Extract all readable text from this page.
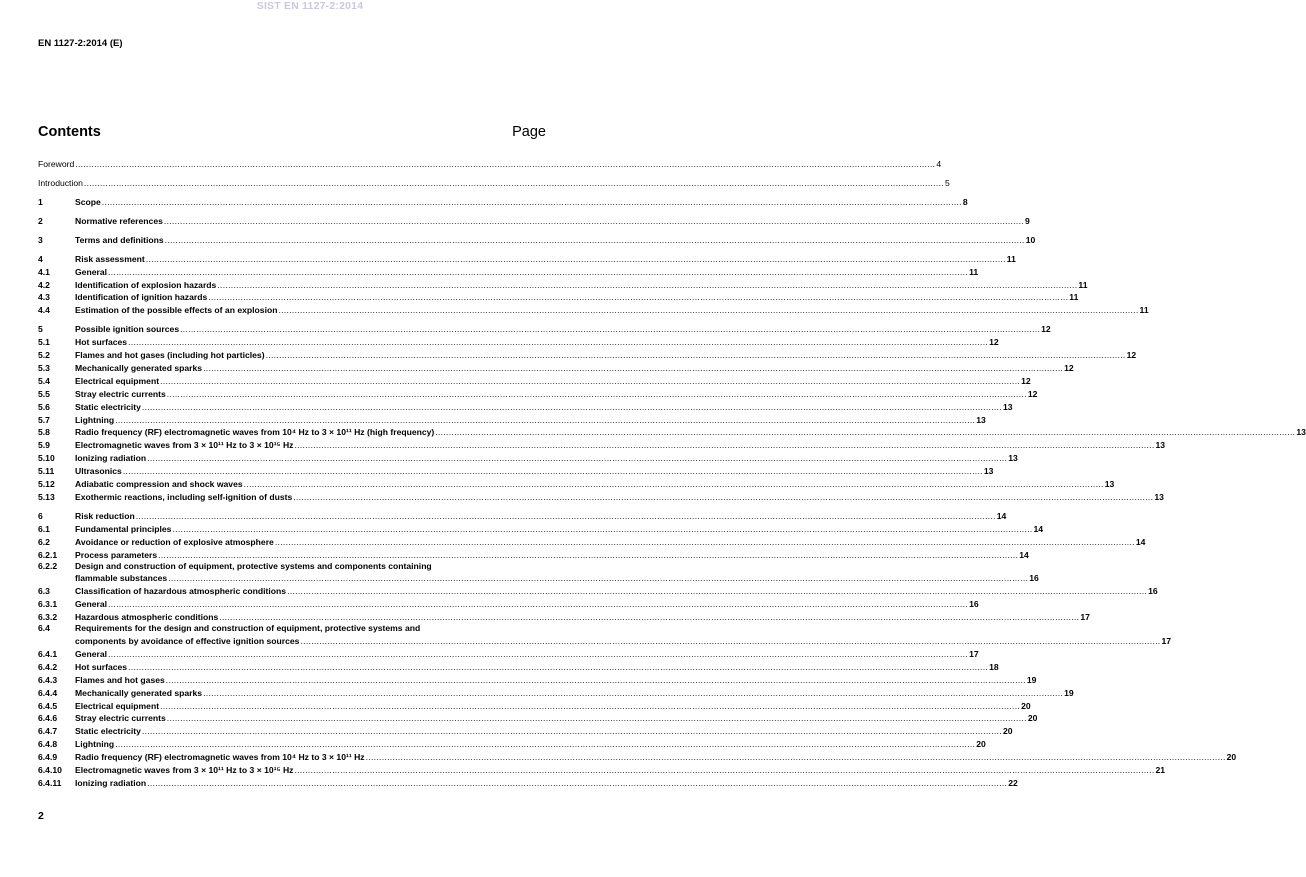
SIST EN 1127-2:2014
EN 1127-2:2014 (E)
Contents	Page
Foreword .....	4
Introduction .....	5
1	Scope .....	8
2	Normative references .....	9
3	Terms and definitions .....	10
4	Risk assessment .....	11
4.1	General .....	11
4.2	Identification of explosion hazards .....	11
4.3	Identification of ignition hazards .....	11
4.4	Estimation of the possible effects of an explosion .....	11
5	Possible ignition sources .....	12
5.1	Hot surfaces .....	12
5.2	Flames and hot gases (including hot particles) .....	12
5.3	Mechanically generated sparks .....	12
5.4	Electrical equipment .....	12
5.5	Stray electric currents .....	12
5.6	Static electricity .....	13
5.7	Lightning .....	13
5.8	Radio frequency (RF) electromagnetic waves from 10⁴ Hz to 3 × 10¹¹ Hz (high frequency) .....	13
5.9	Electromagnetic waves from 3 × 10¹¹ Hz to 3 × 10¹⁵ Hz .....	13
5.10	Ionizing radiation .....	13
5.11	Ultrasonics .....	13
5.12	Adiabatic compression and shock waves .....	13
5.13	Exothermic reactions, including self-ignition of dusts .....	13
6	Risk reduction .....	14
6.1	Fundamental principles .....	14
6.2	Avoidance or reduction of explosive atmosphere .....	14
6.2.1	Process parameters .....	14
6.2.2	Design and construction of equipment, protective systems and components containing
flammable substances .....	16
6.3	Classification of hazardous atmospheric conditions .....	16
6.3.1	General .....	16
6.3.2	Hazardous atmospheric conditions .....	17
6.4	Requirements for the design and construction of equipment, protective systems and
components by avoidance of effective ignition sources .....	17
6.4.1	General .....	17
6.4.2	Hot surfaces .....	18
6.4.3	Flames and hot gases .....	19
6.4.4	Mechanically generated sparks .....	19
6.4.5	Electrical equipment .....	20
6.4.6	Stray electric currents .....	20
6.4.7	Static electricity .....	20
6.4.8	Lightning .....	20
6.4.9	Radio frequency (RF) electromagnetic waves from 10⁴ Hz to 3 × 10¹¹ Hz .....	20
6.4.10	Electromagnetic waves from 3 × 10¹¹ Hz to 3 × 10¹⁵ Hz .....	21
6.4.11	Ionizing radiation .....	22
2
